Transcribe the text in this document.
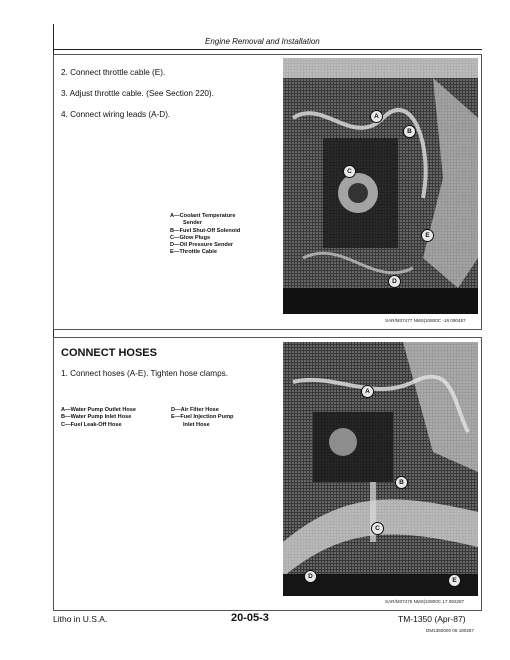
Engine Removal and Installation
2. Connect throttle cable (E).
3. Adjust throttle cable. (See Section 220).
4. Connect wiring leads (A-D).
A—Coolant Temperature
Sender
B—Fuel Shut-Off Solenoid
C—Glow Plugs
D—Oil Pressure Sender
E—Throttle Cable
A
B
C
D
E
SAR/M37477 NMS|10800C -16 090487
CONNECT HOSES
1. Connect hoses (A-E). Tighten hose clamps.
A—Water Pump Outlet Hose
B—Water Pump Inlet Hose
C—Fuel Leak-Off Hose
D—Air Filter Hose
E—Fuel Injection Pump
Inlet Hose
A
B
C
D
E
SAR/M37476 NMS|10800C 17 092287
Litho in U.S.A.	20-05-3	TM-1350 (Apr-87)
DM1350000 05 180287
